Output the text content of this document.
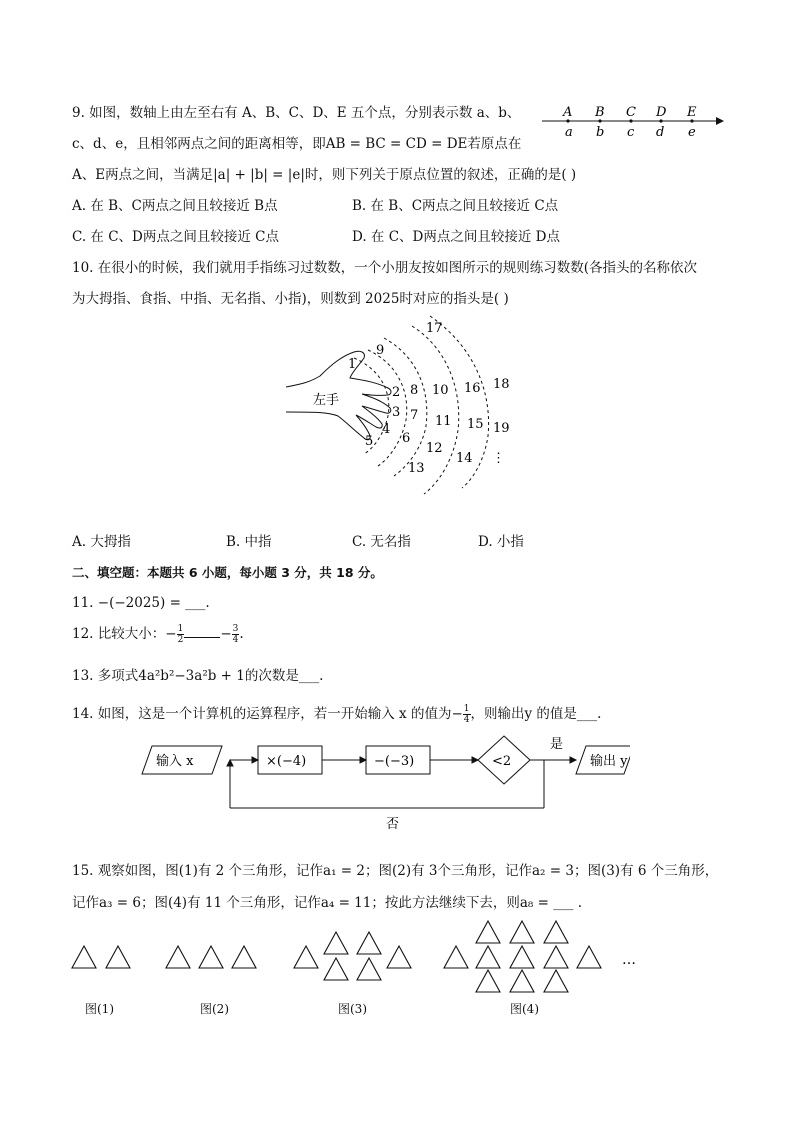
9. 如图，数轴上由左至右有 A、B、C、D、E 五个点，分别表示数 a、b、
c、d、e，且相邻两点之间的距离相等，即AB = BC = CD = DE若原点在
A、E两点之间，当满足|a| + |b| = |e|时，则下列关于原点位置的叙述，正确的是( )
A B C D E
a b c d e
A. 在 B、C两点之间且较接近 B点	B. 在 B、C两点之间且较接近 C点
C. 在 C、D两点之间且较接近 C点	D. 在 C、D两点之间且较接近 D点
10. 在很小的时候，我们就用手指练习过数数，一个小朋友按如图所示的规则练习数数(各指头的名称依次
为大拇指、食指、中指、无名指、小指)，则数到 2025时对应的指头是( )
左手
1
2
3
4
5 6
7
8
9
10
11
12
13
14
15
16
17
18
19
⋮
A. 大拇指	B. 中指	C. 无名指	D. 小指
二、填空题：本题共 6 小题，每小题 3 分，共 18 分。
11. −(−2025) = ___.
12. 比较大小：− $\frac{1}{2}$	− $\frac{3}{4}$ .
13. 多项式4a²b²−3a²b + 1的次数是___.
14. 如图，这是一个计算机的运算程序，若一开始输入 x 的值为− $\frac{1}{4}$ ，则输出y 的值是___.
输入 x	×(−4)	−(−3)	<2	输出 y
是
否
15. 观察如图，图(1)有 2 个三角形，记作a₁ = 2；图(2)有 3个三角形，记作a₂ = 3；图(3)有 6 个三角形，
记作a₃ = 6；图(4)有 11 个三角形，记作a₄ = 11；按此方法继续下去，则a₈ = ___ .
…
图(1)	图(2)	图(3)	图(4)
